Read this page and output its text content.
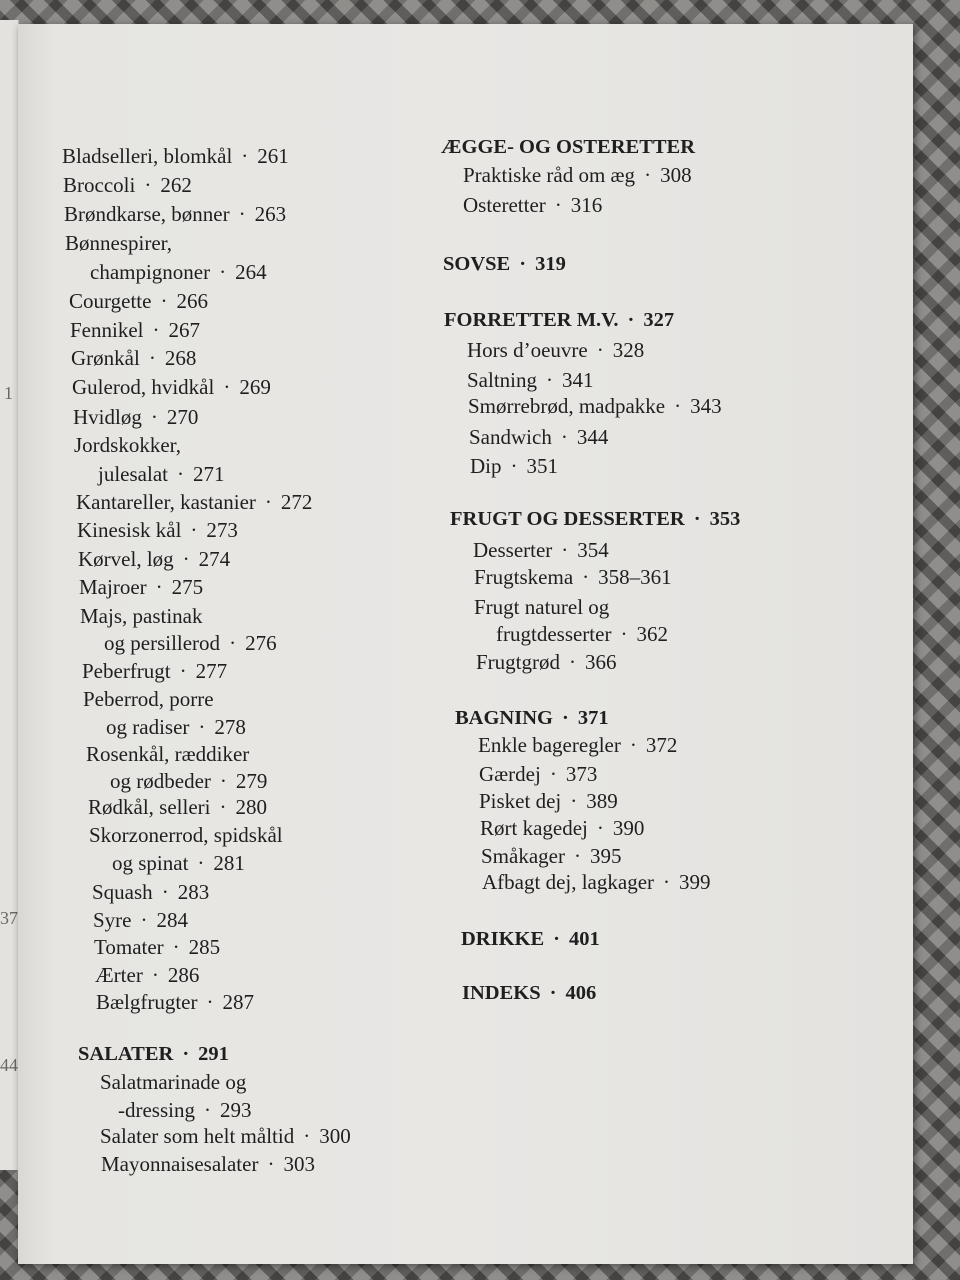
1
37
44
Bladselleri, blomkål · 261
Broccoli · 262
Brøndkarse, bønner · 263
Bønnespirer,
champignoner · 264
Courgette · 266
Fennikel · 267
Grønkål · 268
Gulerod, hvidkål · 269
Hvidløg · 270
Jordskokker,
julesalat · 271
Kantareller, kastanier · 272
Kinesisk kål · 273
Kørvel, løg · 274
Majroer · 275
Majs, pastinak
og persillerod · 276
Peberfrugt · 277
Peberrod, porre
og radiser · 278
Rosenkål, ræddiker
og rødbeder · 279
Rødkål, selleri · 280
Skorzonerrod, spidskål
og spinat · 281
Squash · 283
Syre · 284
Tomater · 285
Ærter · 286
Bælgfrugter · 287
SALATER · 291
Salatmarinade og
-dressing · 293
Salater som helt måltid · 300
Mayonnaisesalater · 303
ÆGGE- OG OSTERETTER
Praktiske råd om æg · 308
Osteretter · 316
SOVSE · 319
FORRETTER M.V. · 327
Hors d’oeuvre · 328
Saltning · 341
Smørrebrød, madpakke · 343
Sandwich · 344
Dip · 351
FRUGT OG DESSERTER · 353
Desserter · 354
Frugtskema · 358–361
Frugt naturel og
frugtdesserter · 362
Frugtgrød · 366
BAGNING · 371
Enkle bageregler · 372
Gærdej · 373
Pisket dej · 389
Rørt kagedej · 390
Småkager · 395
Afbagt dej, lagkager · 399
DRIKKE · 401
INDEKS · 406
